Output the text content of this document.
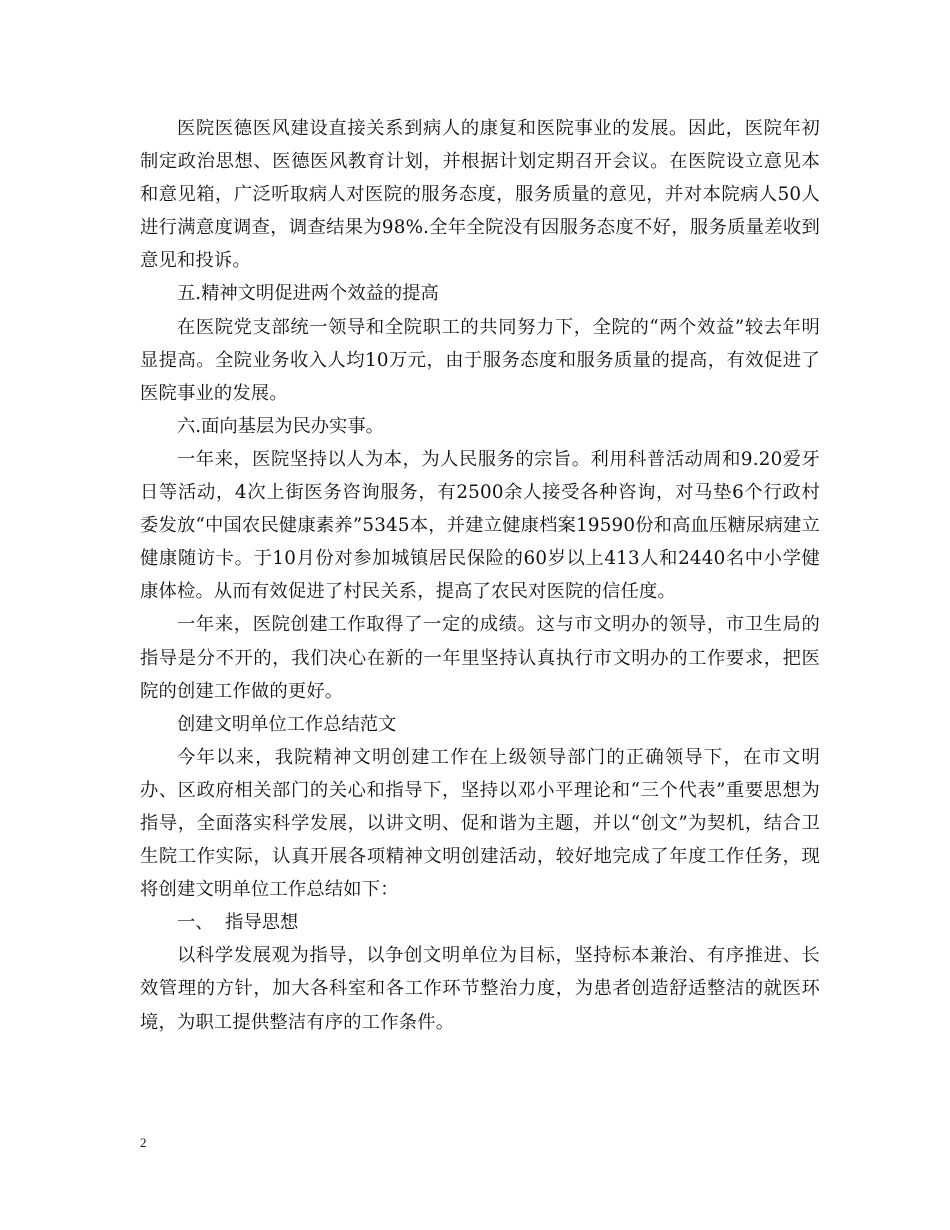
医院医德医风建设直接关系到病人的康复和医院事业的发展。因此，医院年初制定政治思想、医德医风教育计划，并根据计划定期召开会议。在医院设立意见本和意见箱，广泛听取病人对医院的服务态度，服务质量的意见，并对本院病人50人进行满意度调查，调查结果为98%.全年全院没有因服务态度不好，服务质量差收到意见和投诉。

五.精神文明促进两个效益的提高

在医院党支部统一领导和全院职工的共同努力下，全院的“两个效益”较去年明显提高。全院业务收入人均10万元，由于服务态度和服务质量的提高，有效促进了医院事业的发展。

六.面向基层为民办实事。

一年来，医院坚持以人为本，为人民服务的宗旨。利用科普活动周和9.20爱牙日等活动，4次上街医务咨询服务，有2500余人接受各种咨询，对马垫6个行政村委发放“中国农民健康素养”5345本，并建立健康档案19590份和高血压糖尿病建立健康随访卡。于10月份对参加城镇居民保险的60岁以上413人和2440名中小学健康体检。从而有效促进了村民关系，提高了农民对医院的信任度。

一年来，医院创建工作取得了一定的成绩。这与市文明办的领导，市卫生局的指导是分不开的，我们决心在新的一年里坚持认真执行市文明办的工作要求，把医院的创建工作做的更好。

创建文明单位工作总结范文

今年以来，我院精神文明创建工作在上级领导部门的正确领导下，在市文明办、区政府相关部门的关心和指导下，坚持以邓小平理论和“三个代表”重要思想为指导，全面落实科学发展，以讲文明、促和谐为主题，并以“创文”为契机，结合卫生院工作实际，认真开展各项精神文明创建活动，较好地完成了年度工作任务，现将创建文明单位工作总结如下：

一、  指导思想

以科学发展观为指导，以争创文明单位为目标，坚持标本兼治、有序推进、长效管理的方针，加大各科室和各工作环节整治力度，为患者创造舒适整洁的就医环境，为职工提供整洁有序的工作条件。

2
